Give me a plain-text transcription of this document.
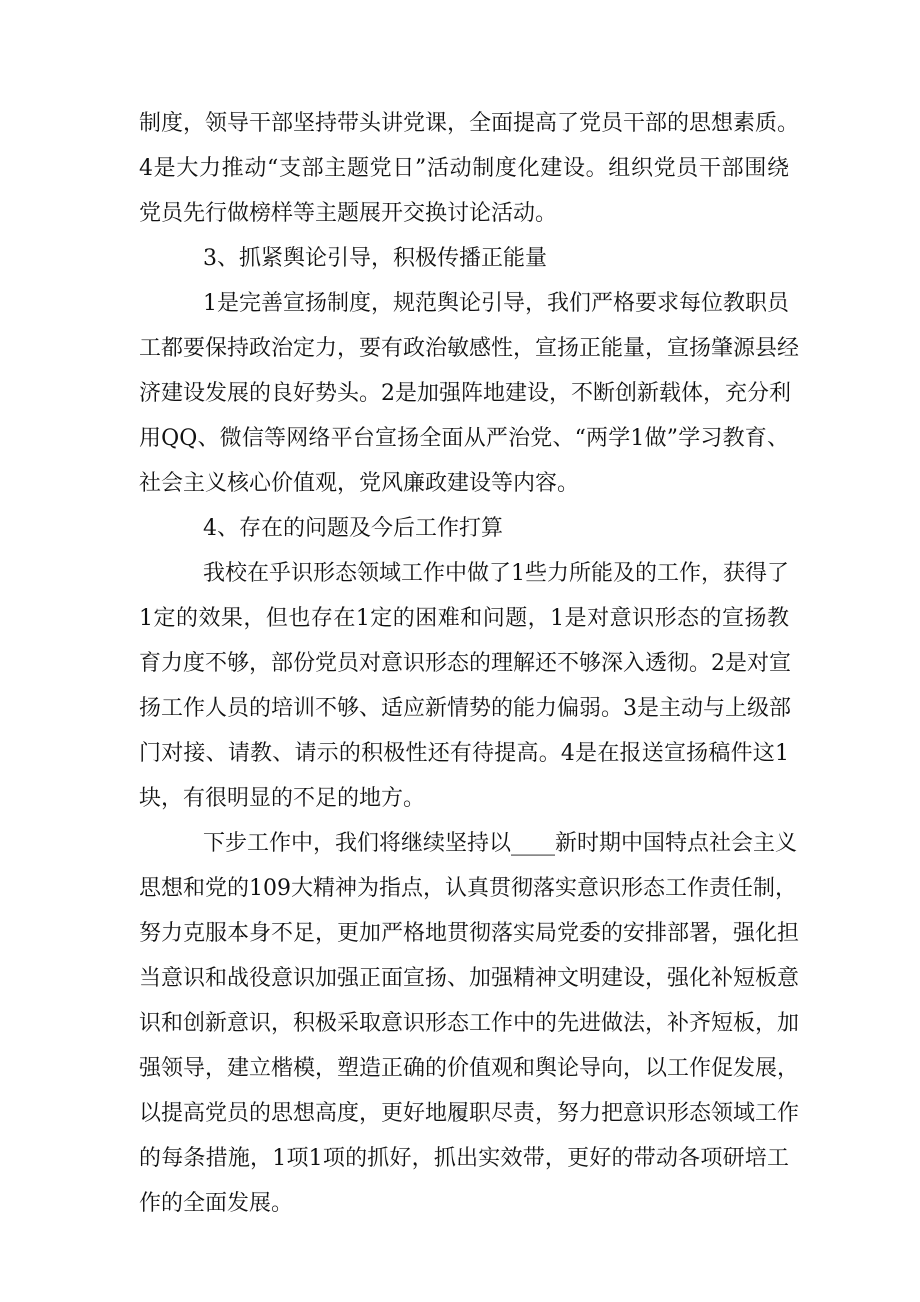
制度，领导干部坚持带头讲党课，全面提高了党员干部的思想素质。
4是大力推动“支部主题党日”活动制度化建设。组织党员干部围绕
党员先行做榜样等主题展开交换讨论活动。
3、抓紧舆论引导，积极传播正能量
1是完善宣扬制度，规范舆论引导，我们严格要求每位教职员
工都要保持政治定力，要有政治敏感性，宣扬正能量，宣扬肇源县经
济建设发展的良好势头。2是加强阵地建设，不断创新载体，充分利
用QQ、微信等网络平台宣扬全面从严治党、“两学1做”学习教育、
社会主义核心价值观，党风廉政建设等内容。
4、存在的问题及今后工作打算
我校在乎识形态领域工作中做了1些力所能及的工作，获得了
1定的效果，但也存在1定的困难和问题，1是对意识形态的宣扬教
育力度不够，部份党员对意识形态的理解还不够深入透彻。2是对宣
扬工作人员的培训不够、适应新情势的能力偏弱。3是主动与上级部
门对接、请教、请示的积极性还有待提高。4是在报送宣扬稿件这1
块，有很明显的不足的地方。
下步工作中，我们将继续坚持以____新时期中国特点社会主义
思想和党的109大精神为指点，认真贯彻落实意识形态工作责任制，
努力克服本身不足，更加严格地贯彻落实局党委的安排部署，强化担
当意识和战役意识加强正面宣扬、加强精神文明建设，强化补短板意
识和创新意识，积极采取意识形态工作中的先进做法，补齐短板，加
强领导，建立楷模，塑造正确的价值观和舆论导向，以工作促发展，
以提高党员的思想高度，更好地履职尽责，努力把意识形态领域工作
的每条措施，1项1项的抓好，抓出实效带，更好的带动各项研培工
作的全面发展。
